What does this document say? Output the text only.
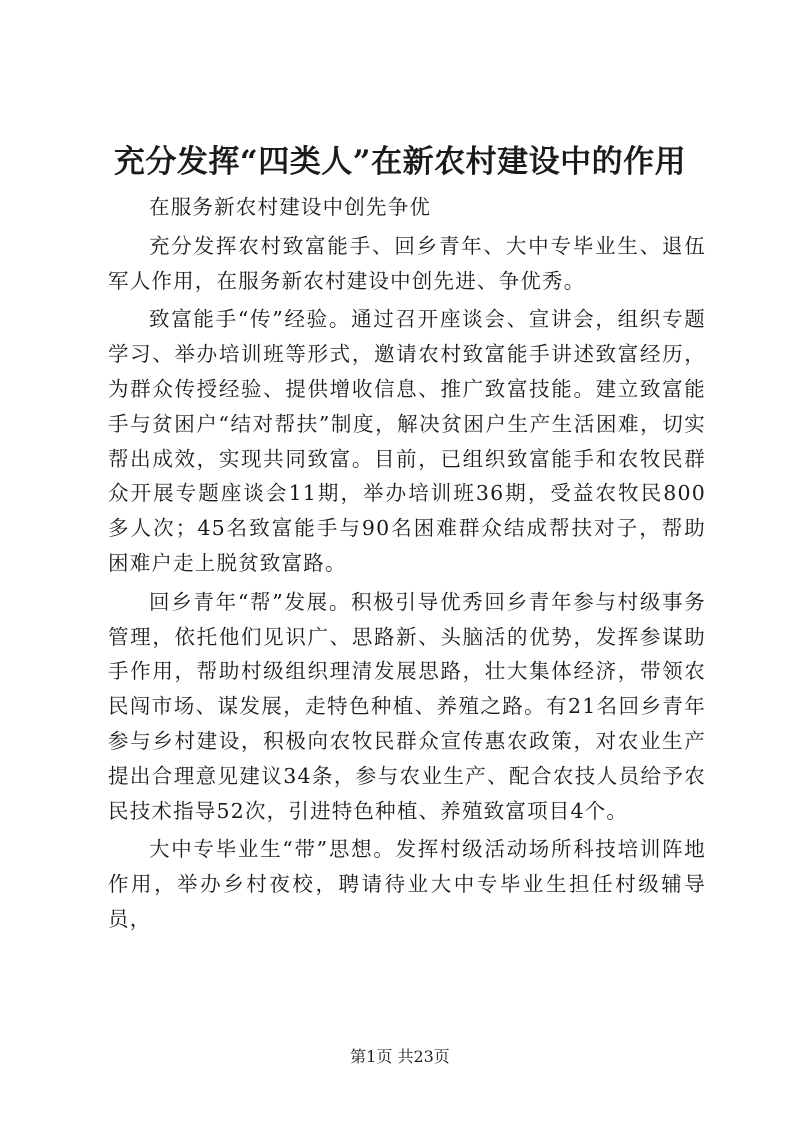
充分发挥“四类人”在新农村建设中的作用

在服务新农村建设中创先争优

充分发挥农村致富能手、回乡青年、大中专毕业生、退伍军人作用，在服务新农村建设中创先进、争优秀。

致富能手“传”经验。通过召开座谈会、宣讲会，组织专题学习、举办培训班等形式，邀请农村致富能手讲述致富经历，为群众传授经验、提供增收信息、推广致富技能。建立致富能手与贫困户“结对帮扶”制度，解决贫困户生产生活困难，切实帮出成效，实现共同致富。目前，已组织致富能手和农牧民群众开展专题座谈会11期，举办培训班36期，受益农牧民800多人次；45名致富能手与90名困难群众结成帮扶对子，帮助困难户走上脱贫致富路。

回乡青年“帮”发展。积极引导优秀回乡青年参与村级事务管理，依托他们见识广、思路新、头脑活的优势，发挥参谋助手作用，帮助村级组织理清发展思路，壮大集体经济，带领农民闯市场、谋发展，走特色种植、养殖之路。有21名回乡青年参与乡村建设，积极向农牧民群众宣传惠农政策，对农业生产提出合理意见建议34条，参与农业生产、配合农技人员给予农民技术指导52次，引进特色种植、养殖致富项目4个。

大中专毕业生“带”思想。发挥村级活动场所科技培训阵地作用，举办乡村夜校，聘请待业大中专毕业生担任村级辅导员，

第1页 共23页
